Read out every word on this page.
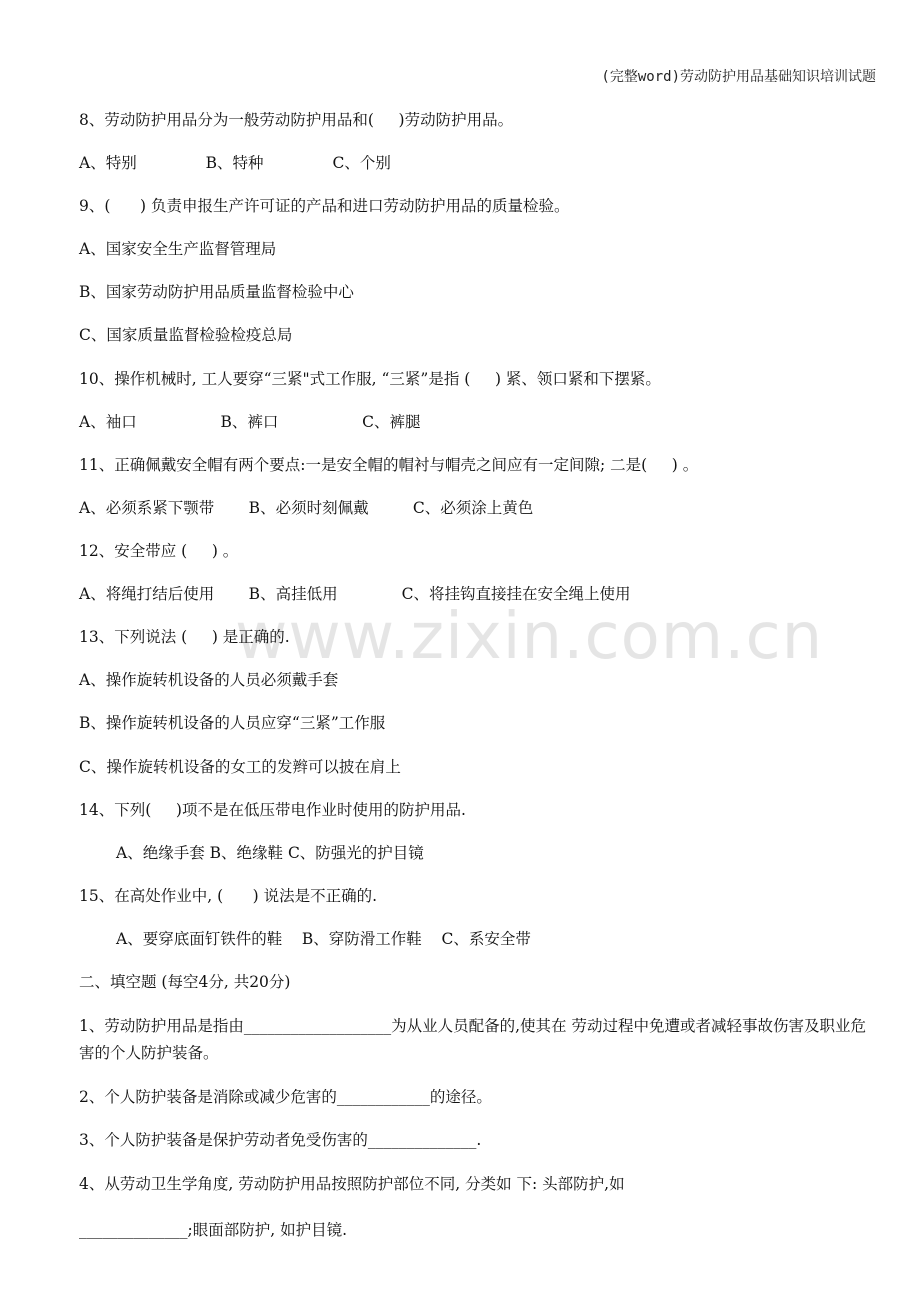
(完整word)劳动防护用品基础知识培训试题
www.zixin.com.cn
8、劳动防护用品分为一般劳动防护用品和(     )劳动防护用品。
A、特别              B、特种              C、个别
9、(      ) 负责申报生产许可证的产品和进口劳动防护用品的质量检验。
A、国家安全生产监督管理局
B、国家劳动防护用品质量监督检验中心
C、国家质量监督检验检疫总局
10、操作机械时, 工人要穿“三紧"式工作服, “三紧”是指 (     ) 紧、领口紧和下摆紧。
A、袖口                 B、裤口                 C、裤腿
11、正确佩戴安全帽有两个要点:一是安全帽的帽衬与帽壳之间应有一定间隙; 二是(     ) 。
A、必须系紧下颚带       B、必须时刻佩戴         C、必须涂上黄色
12、安全带应 (     ) 。
A、将绳打结后使用       B、高挂低用             C、将挂钩直接挂在安全绳上使用
13、下列说法 (     ) 是正确的.
A、操作旋转机设备的人员必须戴手套
B、操作旋转机设备的人员应穿“三紧”工作服
C、操作旋转机设备的女工的发辫可以披在肩上
14、下列(     )项不是在低压带电作业时使用的防护用品.
A、绝缘手套 B、绝缘鞋 C、防强光的护目镜
15、在高处作业中, (      ) 说法是不正确的.
A、要穿底面钉铁件的鞋    B、穿防滑工作鞋    C、系安全带
二、填空题 (每空4分, 共20分)
1、劳动防护用品是指由___________________为从业人员配备的,使其在 劳动过程中免遭或者减轻事故伤害及职业危害的个人防护装备。
2、个人防护装备是消除或减少危害的____________的途径。
3、个人防护装备是保护劳动者免受伤害的______________.
4、从劳动卫生学角度, 劳动防护用品按照防护部位不同, 分类如 下: 头部防护,如
______________;眼面部防护, 如护目镜.
